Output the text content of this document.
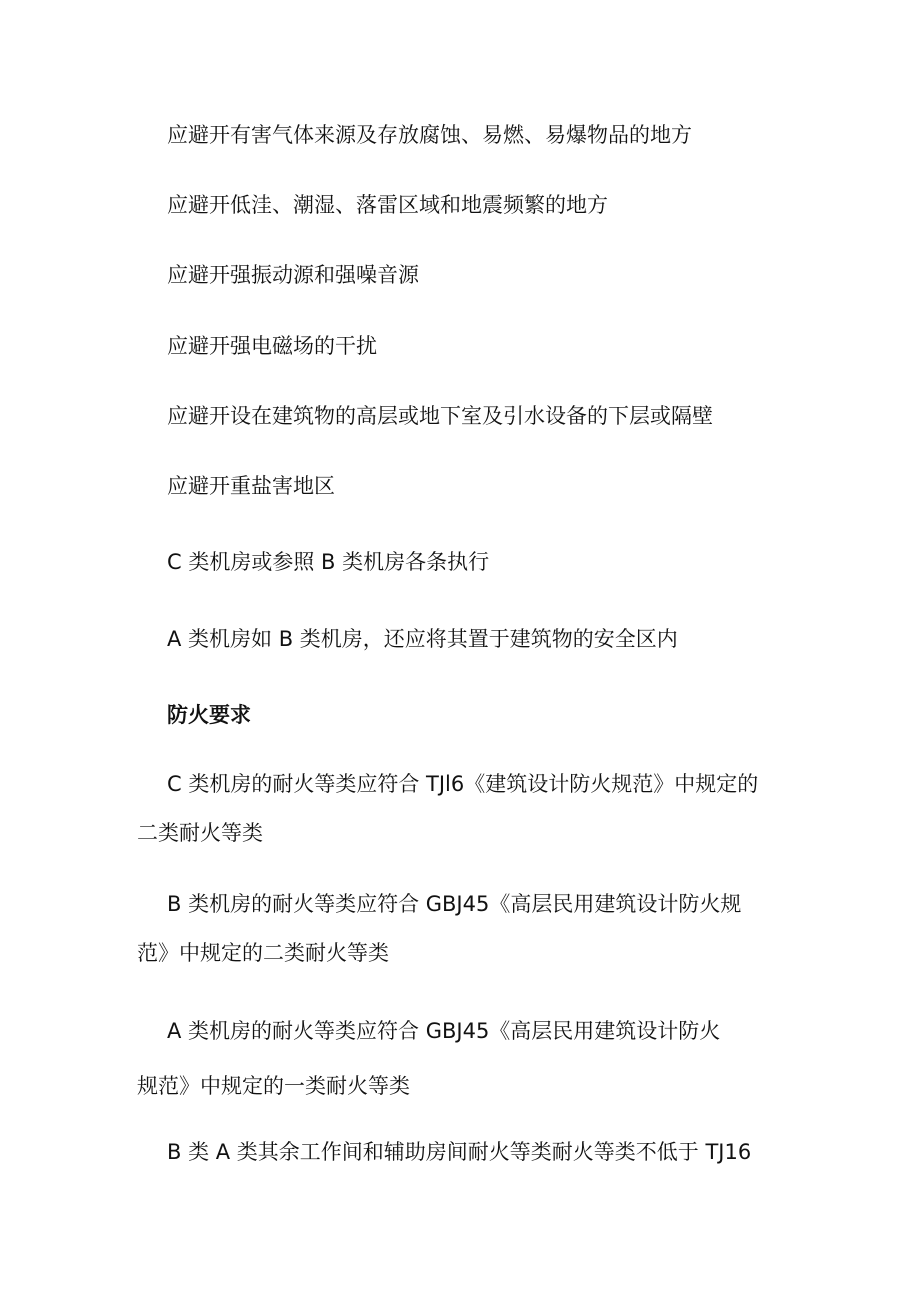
应避开有害气体来源及存放腐蚀、易燃、易爆物品的地方

应避开低洼、潮湿、落雷区域和地震频繁的地方

应避开强振动源和强噪音源

应避开强电磁场的干扰

应避开设在建筑物的高层或地下室及引水设备的下层或隔壁

应避开重盐害地区

C 类机房或参照 B 类机房各条执行

A 类机房如 B 类机房，还应将其置于建筑物的安全区内

防火要求

C 类机房的耐火等类应符合 TJl6《建筑设计防火规范》中规定的

二类耐火等类

B 类机房的耐火等类应符合 GBJ45《高层民用建筑设计防火规

范》中规定的二类耐火等类

A 类机房的耐火等类应符合 GBJ45《高层民用建筑设计防火

规范》中规定的一类耐火等类

B 类 A 类其余工作间和辅助房间耐火等类耐火等类不低于 TJ16
